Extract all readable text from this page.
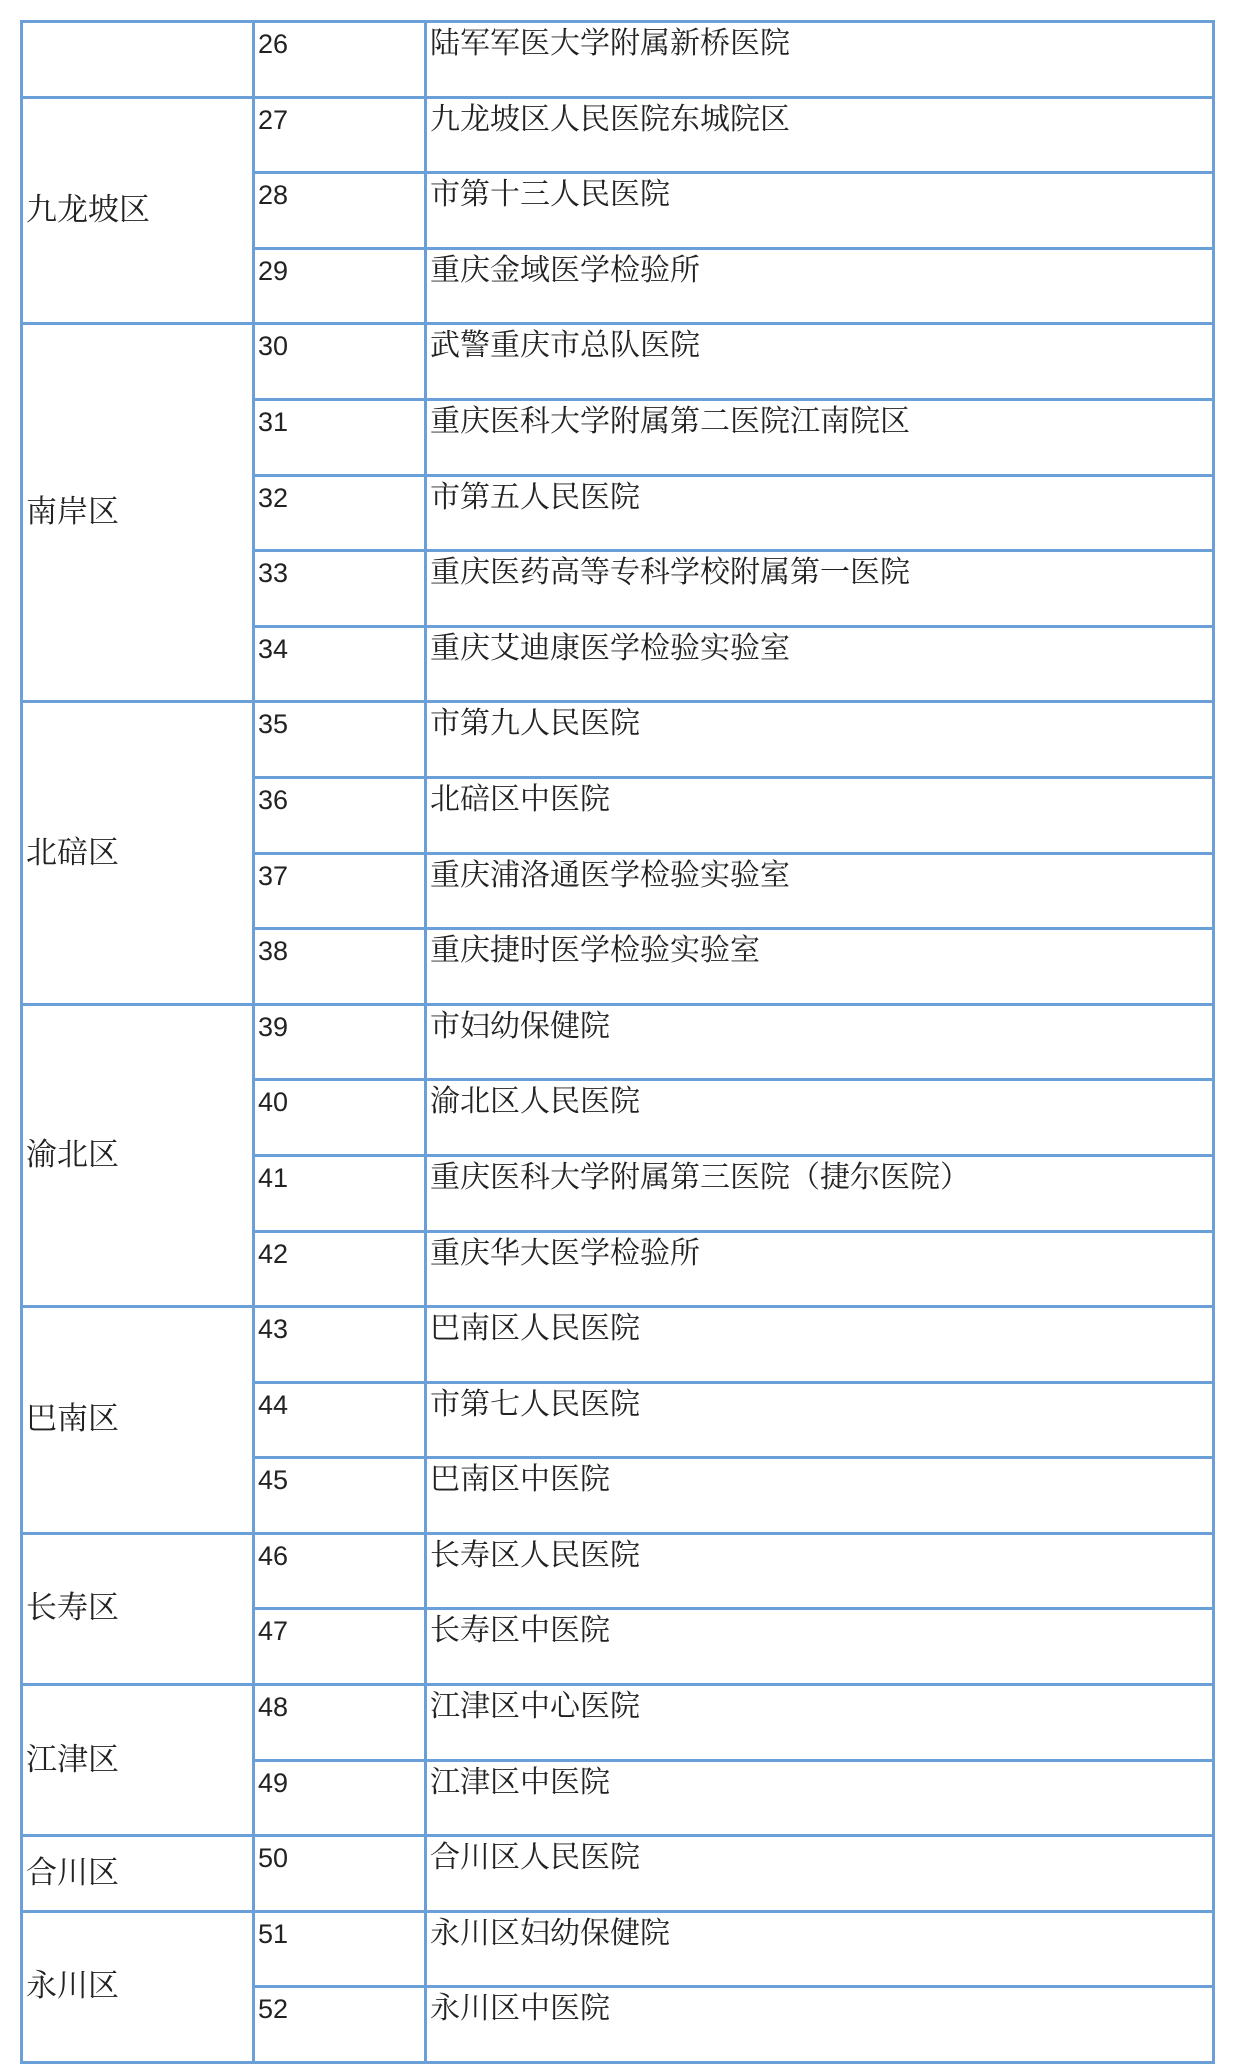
	26	陆军军医大学附属新桥医院
九龙坡区	27	九龙坡区人民医院东城院区
	28	市第十三人民医院
	29	重庆金域医学检验所
南岸区	30	武警重庆市总队医院
	31	重庆医科大学附属第二医院江南院区
	32	市第五人民医院
	33	重庆医药高等专科学校附属第一医院
	34	重庆艾迪康医学检验实验室
北碚区	35	市第九人民医院
	36	北碚区中医院
	37	重庆浦洛通医学检验实验室
	38	重庆捷时医学检验实验室
渝北区	39	市妇幼保健院
	40	渝北区人民医院
	41	重庆医科大学附属第三医院（捷尔医院）
	42	重庆华大医学检验所
巴南区	43	巴南区人民医院
	44	市第七人民医院
	45	巴南区中医院
长寿区	46	长寿区人民医院
	47	长寿区中医院
江津区	48	江津区中心医院
	49	江津区中医院
合川区	50	合川区人民医院
永川区	51	永川区妇幼保健院
	52	永川区中医院
